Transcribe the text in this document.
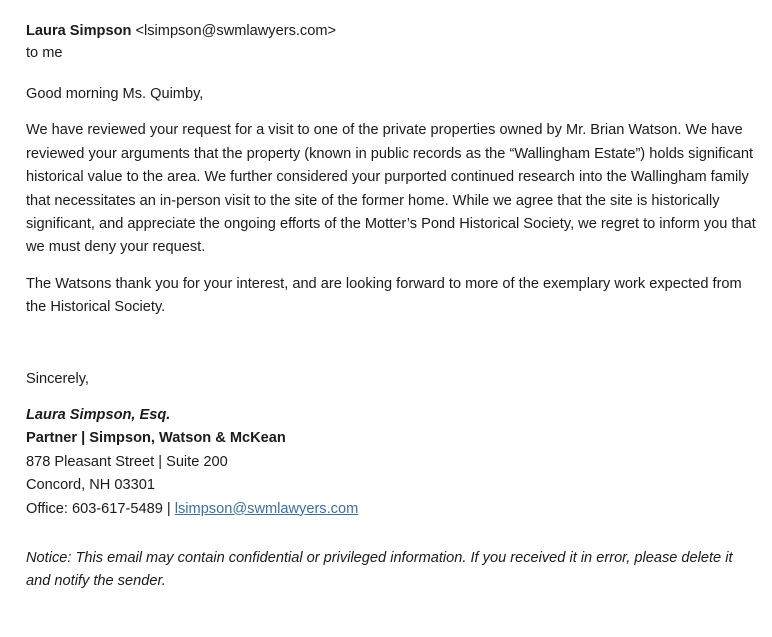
Laura Simpson <lsimpson@swmlawyers.com>
to me

Good morning Ms. Quimby,

We have reviewed your request for a visit to one of the private properties owned by Mr. Brian Watson. We have reviewed your arguments that the property (known in public records as the “Wallingham Estate”) holds significant historical value to the area. We further considered your purported continued research into the Wallingham family that necessitates an in-person visit to the site of the former home. While we agree that the site is historically significant, and appreciate the ongoing efforts of the Motter’s Pond Historical Society, we regret to inform you that we must deny your request.

The Watsons thank you for your interest, and are looking forward to more of the exemplary work expected from the Historical Society.

Sincerely,
Laura Simpson, Esq.
Partner | Simpson, Watson & McKean
878 Pleasant Street | Suite 200
Concord, NH 03301
Office: 603-617-5489 | lsimpson@swmlawyers.com
Notice: This email may contain confidential or privileged information. If you received it in error, please delete it and notify the sender.
